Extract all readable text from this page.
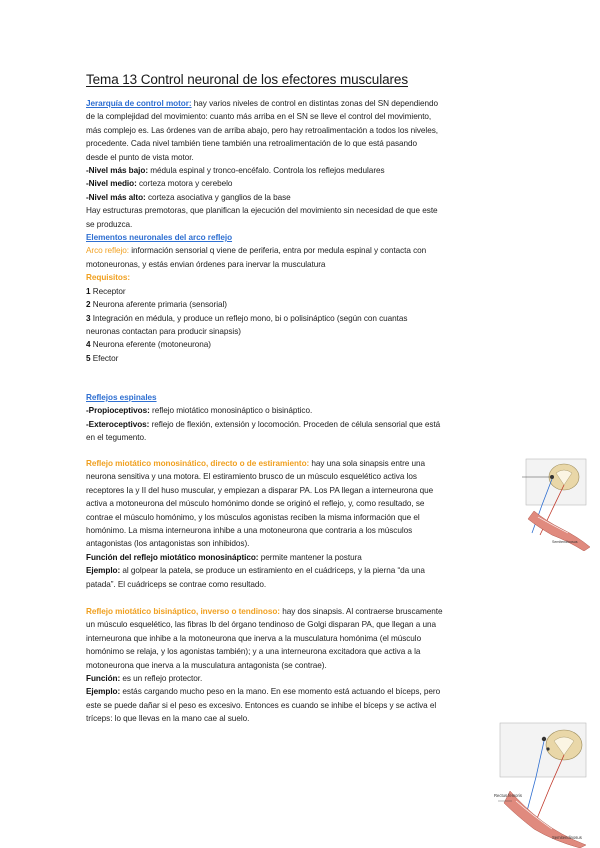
Tema 13 Control neuronal de los efectores musculares
Jerarquía de control motor: hay varios niveles de control en distintas zonas del SN dependiendo
de la complejidad del movimiento: cuanto más arriba en el SN se lleve el control del movimiento,
más complejo es. Las órdenes van de arriba abajo, pero hay retroalimentación a todos los niveles,
procedente. Cada nivel también tiene también una retroalimentación de lo que está pasando
desde el punto de vista motor.
-Nivel más bajo: médula espinal y tronco-encéfalo. Controla los reflejos medulares
-Nivel medio: corteza motora y cerebelo
-Nivel más alto: corteza asociativa y ganglios de la base
Hay estructuras premotoras, que planifican la ejecución del movimiento sin necesidad de que este
se produzca.
Elementos neuronales del arco reflejo
Arco reflejo: información sensorial q viene de periferia, entra por medula espinal y contacta con
motoneuronas, y estás envian órdenes para inervar la musculatura
Requisitos:
1 Receptor
2 Neurona aferente primaria (sensorial)
3 Integración en médula, y produce un reflejo mono, bi o polisináptico (según con cuantas
neuronas contactan para producir sinapsis)
4 Neurona eferente (motoneurona)
5 Efector
Reflejos espinales
-Propioceptivos: reflejo miotático monosináptico o bisináptico.
-Exteroceptivos: reflejo de flexión, extensión y locomoción. Proceden de célula sensorial que está
en el tegumento.
Reflejo miotático monosinático, directo o de estiramiento: hay una sola sinapsis entre una
neurona sensitiva y una motora. El estiramiento brusco de un músculo esquelético activa los
receptores Ia y II del huso muscular, y empiezan a disparar PA. Los PA llegan a interneurona que
activa a motoneurona del músculo homónimo donde se originó el reflejo, y, como resultado, se
contrae el músculo homónimo, y los músculos agonistas reciben la misma información que el
homónimo. La misma interneurona inhibe a una motoneurona que contraria a los músculos
antagonistas (los antagonistas son inhibidos).
Función del reflejo miotático monosináptico: permite mantener la postura
Ejemplo: al golpear la patela, se produce un estiramiento en el cuádriceps, y la pierna “da una
patada”. El cuádriceps se contrae como resultado.
Reflejo miotático bisináptico, inverso o tendinoso: hay dos sinapsis. Al contraerse bruscamente
un músculo esquelético, las fibras Ib del órgano tendinoso de Golgi disparan PA, que llegan a una
interneurona que inhibe a la motoneurona que inerva a la musculatura homónima (el músculo
homónimo se relaja, y los agonistas también); y a una interneurona excitadora que activa a la
motoneurona que inerva a la musculatura antagonista (se contrae).
Función: es un reflejo protector.
Ejemplo: estás cargando mucho peso en la mano. En ese momento está actuando el bíceps, pero
este se puede dañar si el peso es excesivo. Entonces es cuando se inhibe el bíceps y se activa el
tríceps: lo que llevas en la mano cae al suelo.
Semitendinosus
Rectus femoris
Semitendinosus
